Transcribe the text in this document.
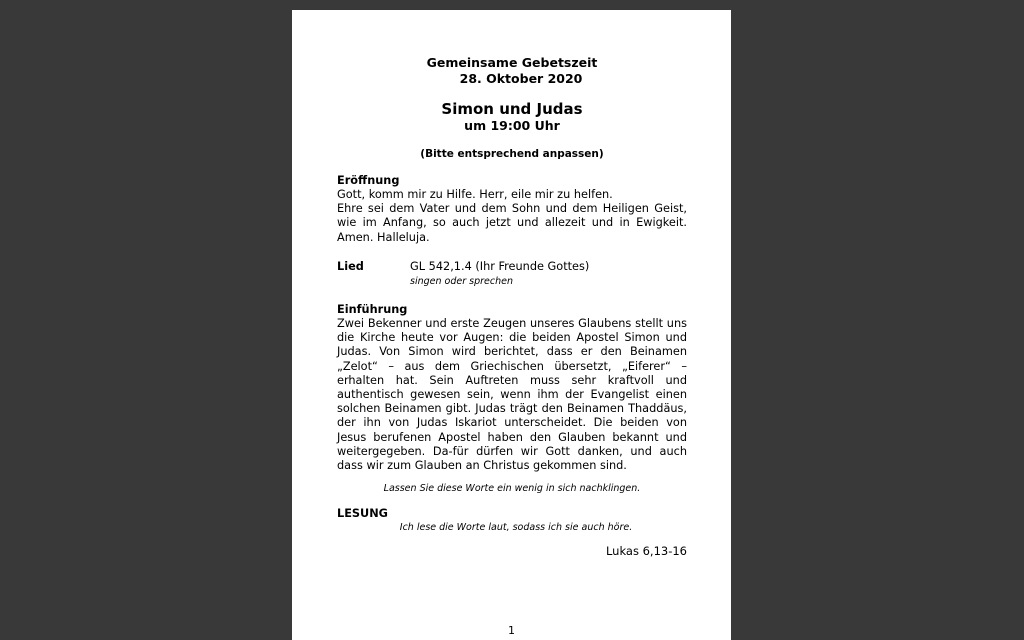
Gemeinsame Gebetszeit
28. Oktober 2020
Simon und Judas
um 19:00 Uhr
(Bitte entsprechend anpassen)
Eröffnung
Gott, komm mir zu Hilfe. Herr, eile mir zu helfen.
Ehre sei dem Vater und dem Sohn und dem Heiligen Geist, wie im Anfang, so auch jetzt und allezeit und in Ewigkeit. Amen. Halleluja.
Lied	GL 542,1.4 (Ihr Freunde Gottes)
singen oder sprechen
Einführung
Zwei Bekenner und erste Zeugen unseres Glaubens stellt uns die Kirche heute vor Augen: die beiden Apostel Simon und Judas. Von Simon wird berichtet, dass er den Beinamen „Zelot“ – aus dem Griechischen übersetzt, „Eiferer“ – erhalten hat. Sein Auftreten muss sehr kraftvoll und authentisch gewesen sein, wenn ihm der Evangelist einen solchen Beinamen gibt. Judas trägt den Beinamen Thaddäus, der ihn von Judas Iskariot unterscheidet. Die beiden von Jesus berufenen Apostel haben den Glauben bekannt und weitergegeben. Da-für dürfen wir Gott danken, und auch dass wir zum Glauben an Christus gekommen sind.
Lassen Sie diese Worte ein wenig in sich nachklingen.
LESUNG
Ich lese die Worte laut, sodass ich sie auch höre.
Lukas 6,13-16
1
